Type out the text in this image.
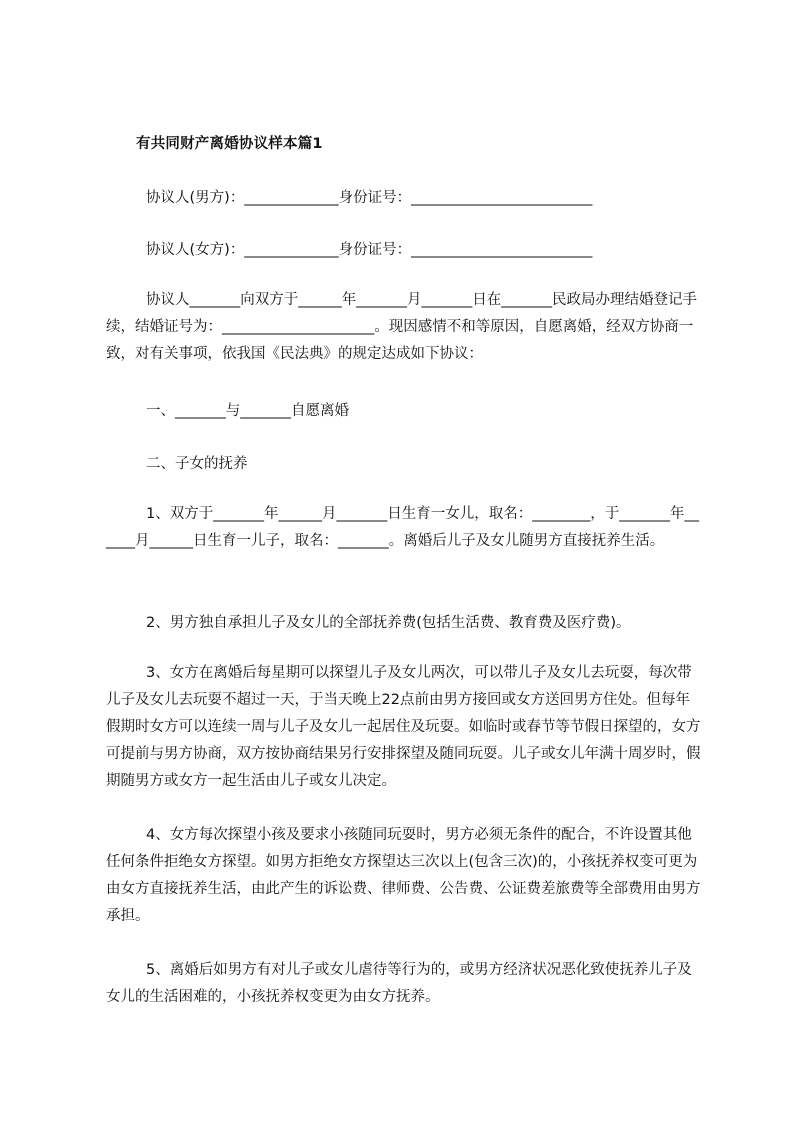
有共同财产离婚协议样本篇1
协议人(男方)：_____________身份证号：_________________________
协议人(女方)：_____________身份证号：_________________________
协议人_______向双方于______年_______月_______日在_______民政局办理结婚登记手续，结婚证号为：_____________________。现因感情不和等原因，自愿离婚，经双方协商一致，对有关事项，依我国《民法典》的规定达成如下协议：
一、_______与_______自愿离婚
二、子女的抚养
1、双方于_______年______月_______日生育一女儿，取名：________，于_______年______月______日生育一儿子，取名：_______。离婚后儿子及女儿随男方直接抚养生活。
2、男方独自承担儿子及女儿的全部抚养费(包括生活费、教育费及医疗费)。
3、女方在离婚后每星期可以探望儿子及女儿两次，可以带儿子及女儿去玩耍，每次带儿子及女儿去玩耍不超过一天，于当天晚上22点前由男方接回或女方送回男方住处。但每年假期时女方可以连续一周与儿子及女儿一起居住及玩耍。如临时或春节等节假日探望的，女方可提前与男方协商，双方按协商结果另行安排探望及随同玩耍。儿子或女儿年满十周岁时，假期随男方或女方一起生活由儿子或女儿决定。
4、女方每次探望小孩及要求小孩随同玩耍时，男方必须无条件的配合，不许设置其他任何条件拒绝女方探望。如男方拒绝女方探望达三次以上(包含三次)的，小孩抚养权变可更为由女方直接抚养生活，由此产生的诉讼费、律师费、公告费、公证费差旅费等全部费用由男方承担。
5、离婚后如男方有对儿子或女儿虐待等行为的，或男方经济状况恶化致使抚养儿子及女儿的生活困难的，小孩抚养权变更为由女方抚养。
